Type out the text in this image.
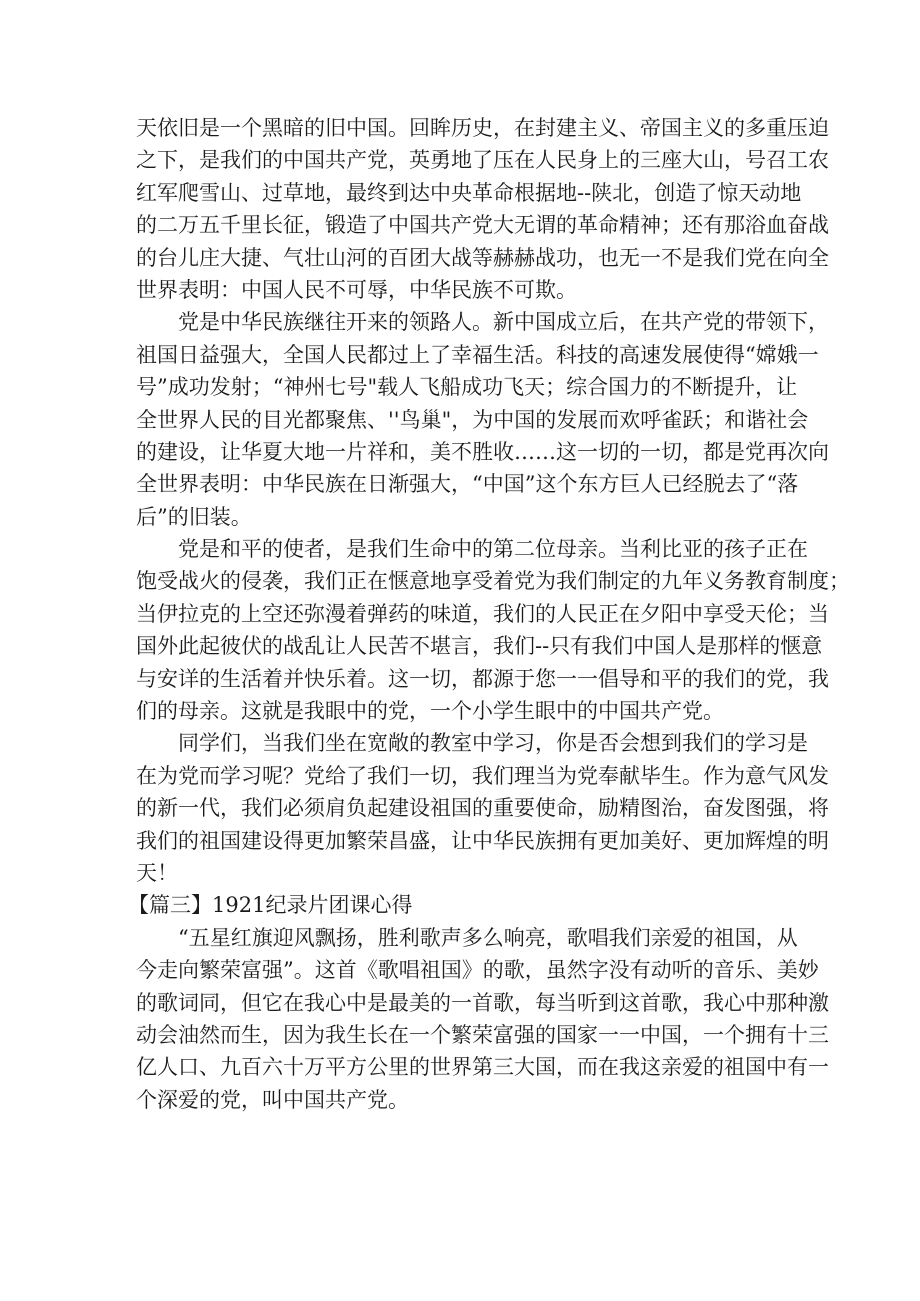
天 依 旧 是 一 个 黑 暗 的 旧 中 国 。 回 眸 历 史 ， 在 封 建 主 义 、 帝 国 主 义 的 多 重 压 迫
之 下 ， 是 我 们 的 中 国 共 产 党 ， 英 勇 地 了 压 在 人 民 身 上 的 三 座 大 山 ， 号 召 工 农
红 军 爬 雪 山 、 过 草 地 ， 最 终 到 达 中 央 革 命 根 据 地 - - 陕 北 ， 创 造 了 惊 天 动 地
的 二 万 五 千 里 长 征 ， 锻 造 了 中 国 共 产 党 大 无 谓 的 革 命 精 神 ； 还 有 那 浴 血 奋 战
的 台 儿 庄 大 捷 、 气 壮 山 河 的 百 团 大 战 等 赫 赫 战 功 ， 也 无 一 不 是 我 们 党 在 向 全
世界表明：中国人民不可辱，中华民族不可欺。
党 是 中 华 民 族 继 往 开 来 的 领 路 人 。 新 中 国 成 立 后 ， 在 共 产 党 的 带 领 下 ，
祖 国 日 益 强 大 ， 全 国 人 民 都 过 上 了 幸 福 生 活 。 科 技 的 高 速 发 展 使 得 “ 嫦 娥 一
号 ” 成 功 发 射 ； “ 神 州 七 号 " 载 人 飞 船 成 功 飞 天 ； 综 合 国 力 的 不 断 提 升 ， 让
全 世 界 人 民 的 目 光 都 聚 焦 、 ' ' 鸟 巢 " ， 为 中 国 的 发 展 而 欢 呼 雀 跃 ； 和 谐 社 会
的 建 设 ， 让 华 夏 大 地 一 片 祥 和 ， 美 不 胜 收 … … 这 一 切 的 一 切 ， 都 是 党 再 次 向
全 世 界 表 明 ： 中 华 民 族 在 日 渐 强 大 ， “ 中 国 ” 这 个 东 方 巨 人 已 经 脱 去 了 “ 落
后”的旧装。
党 是 和 平 的 使 者 ， 是 我 们 生 命 中 的 第 二 位 母 亲 。 当 利 比 亚 的 孩 子 正 在
饱 受 战 火 的 侵 袭 ， 我 们 正 在 惬 意 地 享 受 着 党 为 我 们 制 定 的 九 年 义 务 教 育 制 度 ；
当 伊 拉 克 的 上 空 还 弥 漫 着 弹 药 的 味 道 ， 我 们 的 人 民 正 在 夕 阳 中 享 受 天 伦 ； 当
国 外 此 起 彼 伏 的 战 乱 让 人 民 苦 不 堪 言 ， 我 们 - - 只 有 我 们 中 国 人 是 那 样 的 惬 意
与 安 详 的 生 活 着 并 快 乐 着 。 这 一 切 ， 都 源 于 您 一 一 倡 导 和 平 的 我 们 的 党 ， 我
们的母亲。这就是我眼中的党，一个小学生眼中的中国共产党。
同 学 们 ， 当 我 们 坐 在 宽 敞 的 教 室 中 学 习 ， 你 是 否 会 想 到 我 们 的 学 习 是
在 为 党 而 学 习 呢 ？ 党 给 了 我 们 一 切 ， 我 们 理 当 为 党 奉 献 毕 生 。 作 为 意 气 风 发
的 新 一 代 ， 我 们 必 须 肩 负 起 建 设 祖 国 的 重 要 使 命 ， 励 精 图 治 ， 奋 发 图 强 ， 将
我 们 的 祖 国 建 设 得 更 加 繁 荣 昌 盛 ， 让 中 华 民 族 拥 有 更 加 美 好 、 更 加 辉 煌 的 明
天！
【篇三】1921纪录片团课心得
“ 五 星 红 旗 迎 风 飘 扬 ， 胜 利 歌 声 多 么 响 亮 ， 歌 唱 我 们 亲 爱 的 祖 国 ， 从
今 走 向 繁 荣 富 强 ” 。 这 首 《 歌 唱 祖 国 》 的 歌 ， 虽 然 字 没 有 动 听 的 音 乐 、 美 妙
的 歌 词 同 ， 但 它 在 我 心 中 是 最 美 的 一 首 歌 ， 每 当 听 到 这 首 歌 ， 我 心 中 那 种 激
动 会 油 然 而 生 ， 因 为 我 生 长 在 一 个 繁 荣 富 强 的 国 家 一 一 中 国 ， 一 个 拥 有 十 三
亿 人 口 、 九 百 六 十 万 平 方 公 里 的 世 界 第 三 大 国 ， 而 在 我 这 亲 爱 的 祖 国 中 有 一
个深爱的党，叫中国共产党。
